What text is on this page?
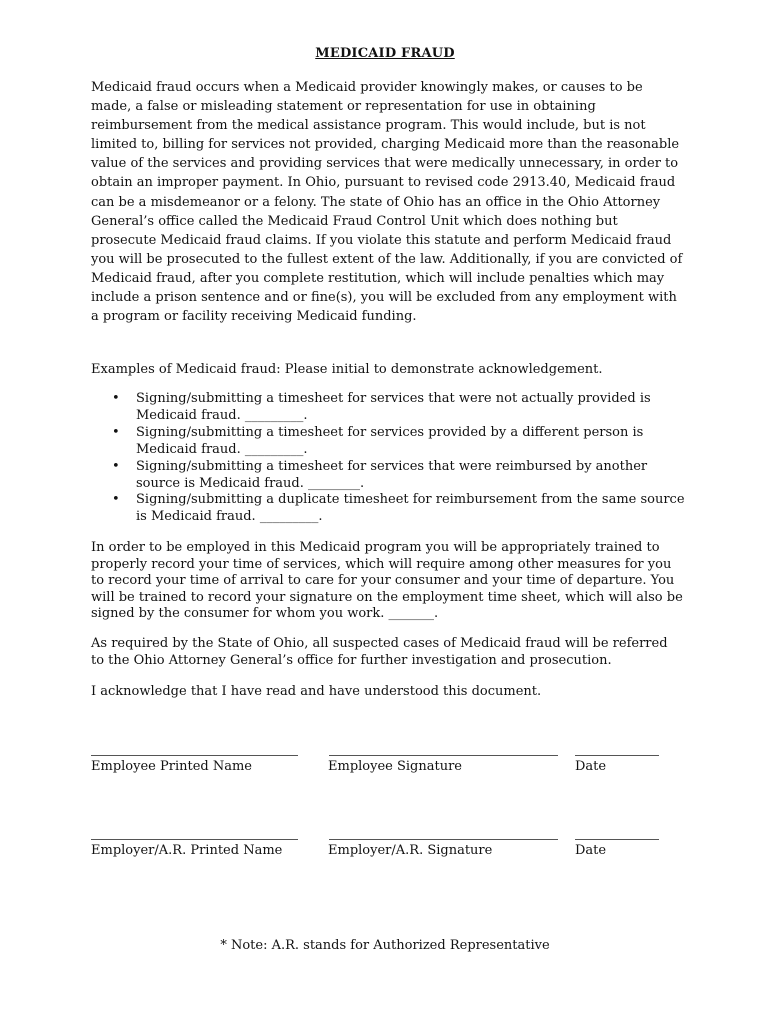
MEDICAID FRAUD

Medicaid fraud occurs when a Medicaid provider knowingly makes, or causes to be made, a false or misleading statement or representation for use in obtaining reimbursement from the medical assistance program. This would include, but is not limited to, billing for services not provided, charging Medicaid more than the reasonable value of the services and providing services that were medically unnecessary, in order to obtain an improper payment. In Ohio, pursuant to revised code 2913.40, Medicaid fraud can be a misdemeanor or a felony. The state of Ohio has an office in the Ohio Attorney General’s office called the Medicaid Fraud Control Unit which does nothing but prosecute Medicaid fraud claims. If you violate this statute and perform Medicaid fraud you will be prosecuted to the fullest extent of the law. Additionally, if you are convicted of Medicaid fraud, after you complete restitution, which will include penalties which may include a prison sentence and or fine(s), you will be excluded from any employment with a program or facility receiving Medicaid funding.

Examples of Medicaid fraud: Please initial to demonstrate acknowledgement.

• Signing/submitting a timesheet for services that were not actually provided is Medicaid fraud. _________.
• Signing/submitting a timesheet for services provided by a different person is Medicaid fraud. _________.
• Signing/submitting a timesheet for services that were reimbursed by another source is Medicaid fraud. ________.
• Signing/submitting a duplicate timesheet for reimbursement from the same source is Medicaid fraud. _________.

In order to be employed in this Medicaid program you will be appropriately trained to properly record your time of services, which will require among other measures for you to record your time of arrival to care for your consumer and your time of departure. You will be trained to record your signature on the employment time sheet, which will also be signed by the consumer for whom you work. _______.

As required by the State of Ohio, all suspected cases of Medicaid fraud will be referred to the Ohio Attorney General’s office for further investigation and prosecution.

I acknowledge that I have read and have understood this document.

Employee Printed Name	Employee Signature	Date
Employer/A.R. Printed Name	Employer/A.R. Signature	Date
* Note: A.R. stands for Authorized Representative
